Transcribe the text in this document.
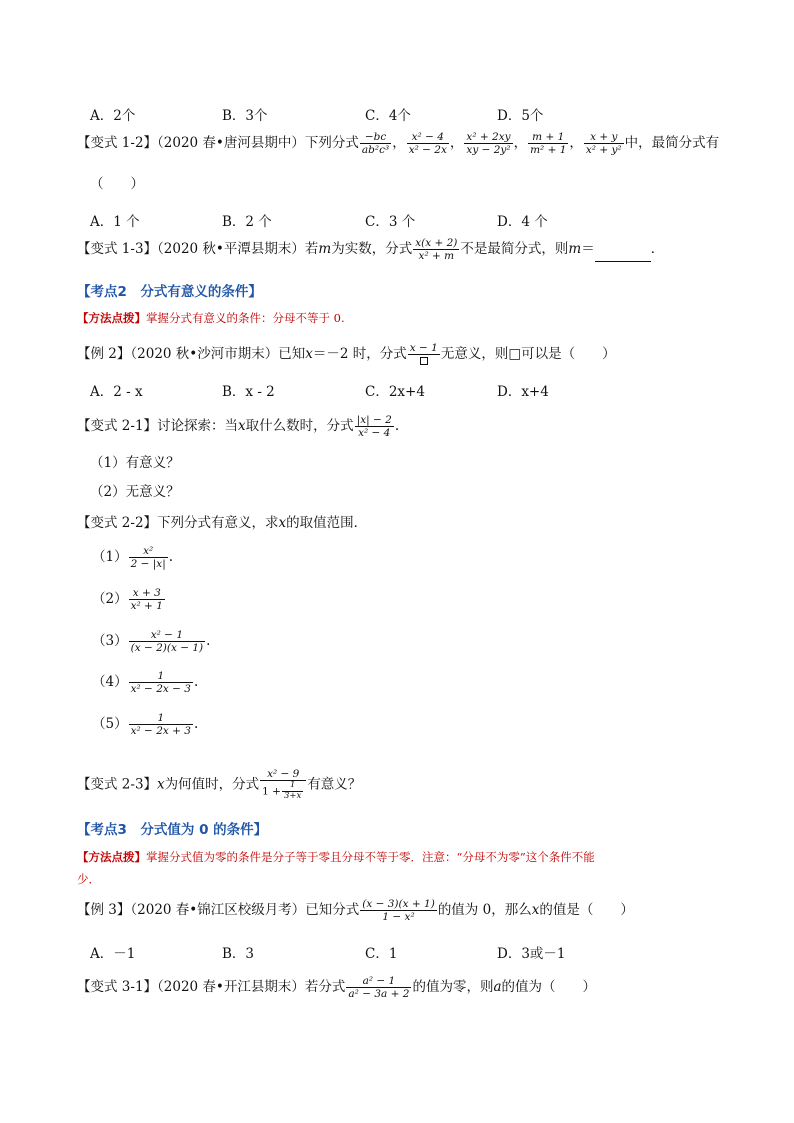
A．2个	B．3个	C．4个	D．5个
【变式 1-2】（2020 春•唐河县期中）下列分式 $\frac{-bc}{\text{ab²c³}}$ ， $\frac{\text{x² − 4}}{\text{x² − 2x}}$ ， $\frac{\text{x² + 2xy}}{\text{xy − 2y²}}$ ， $\frac{m + 1}{\text{m² + 1}}$ ， $\frac{x + y}{\text{x² + y²}}$ 中，最简分式有
（　　）
A．1 个	B．2 个	C．3 个	D．4 个
【变式 1-3】（2020 秋•平潭县期末）若m为实数，分式 $\frac{x(x + 2)}{\text{x² + m}}$ 不是最简分式，则m＝	．
【考点2　分式有意义的条件】
【方法点拨】掌握分式有意义的条件：分母不等于 0.
【例 2】（2020 秋•沙河市期末）已知x＝－2 时，分式 x − 1 无意义，则□可以是（　　）
A．2 - x	B．x - 2	C．2x+4	D．x+4
【变式 2-1】讨论探索：当x取什么数时，分式 $\frac{|x| - 2}{\text{x² − 4}}$ .
（1）有意义？
（2）无意义？
【变式 2-2】下列分式有意义，求x的取值范围．
$(1) \frac{\text{x²}}{2 - |x|}$ .
$(2) \frac{x + 3}{\text{x² + 1}}$
$(3) \frac{\text{x² − 1}}{(x - 2)(x - 1)}$ .
$(4) \frac{1}{\text{x² − 2x − 3}}$ .
$(5) \frac{1}{\text{x² − 2x + 3}}$ .
【变式 2-3】x为何值时，分式 $\frac{\text{x² − 9}}{1 + \frac{1}{3+x}}$ 有意义？
【考点3　分式值为 0 的条件】
【方法点拨】掌握分式值为零的条件是分子等于零且分母不等于零．注意：“分母不为零”这个条件不能
少．
【例 3】（2020 春•锦江区校级月考）已知分式 $\frac{(x - 3)(x + 1)}{\text{1 − x²}}$ 的值为 0，那么x的值是（　　）
A．－1	B．3	C．1	D．3或－1
【变式 3-1】（2020 春•开江县期末）若分式 $\frac{\text{a² − 1}}{\text{a² − 3a + 2}}$ 的值为零，则a的值为（　　）
